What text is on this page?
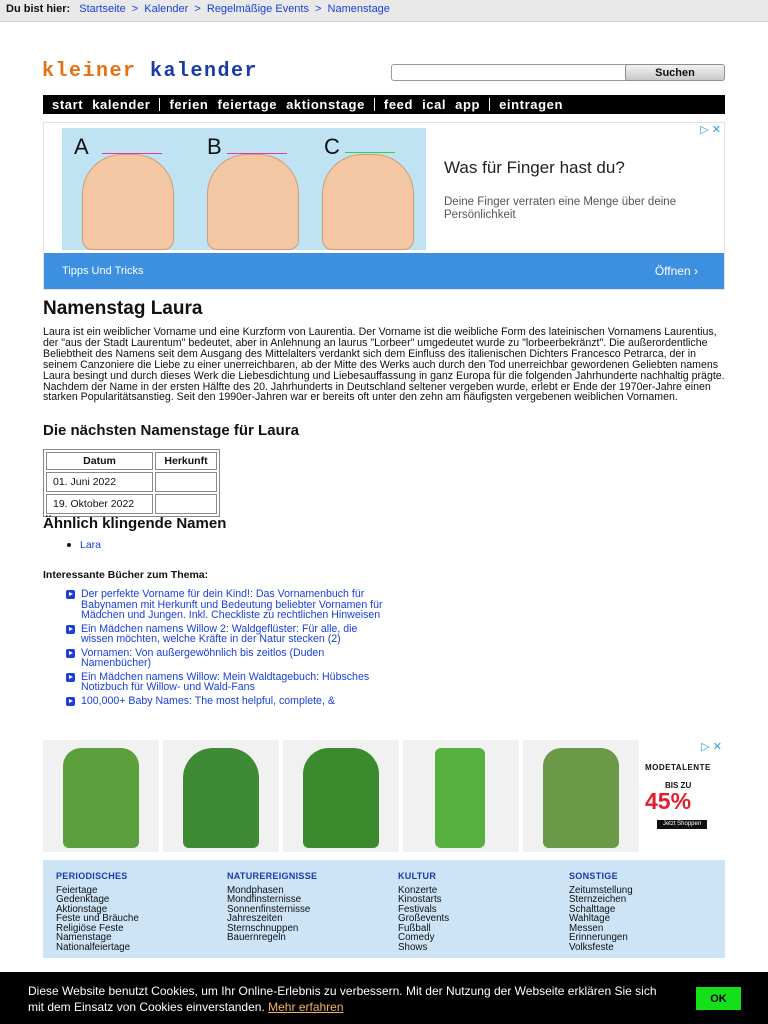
Du bist hier: Startseite > Kalender > Regelmäßige Events > Namenstage
kleiner kalender	Suchen
start kalender ferien feiertage aktionstage feed ical app eintragen
A	B	C
▷ ✕
Was für Finger hast du?
Deine Finger verraten eine Menge über deine Persönlichkeit
Tipps Und Tricks	Öffnen ›
Namenstag Laura

Laura ist ein weiblicher Vorname und eine Kurzform von Laurentia. Der Vorname ist die weibliche Form des lateinischen Vornamens Laurentius, der "aus der Stadt Laurentum" bedeutet, aber in Anlehnung an laurus "Lorbeer" umgedeutet wurde zu "lorbeerbekränzt". Die außerordentliche Beliebtheit des Namens seit dem Ausgang des Mittelalters verdankt sich dem Einfluss des italienischen Dichters Francesco Petrarca, der in seinem Canzoniere die Liebe zu einer unerreichbaren, ab der Mitte des Werks auch durch den Tod unerreichbar gewordenen Geliebten namens Laura besingt und durch dieses Werk die Liebesdichtung und Liebesauffassung in ganz Europa für die folgenden Jahrhunderte nachhaltig prägte. Nachdem der Name in der ersten Hälfte des 20. Jahrhunderts in Deutschland seltener vergeben wurde, erlebt er Ende der 1970er-Jahre einen starken Popularitätsanstieg. Seit den 1990er-Jahren war er bereits oft unter den zehn am häufigsten vergebenen weiblichen Vornamen.

Die nächsten Namenstage für Laura
Datum	Herkunft
01. Juni 2022	
19. Oktober 2022	
Ähnlich klingende Namen
Lara
Interessante Bücher zum Thema:
Der perfekte Vorname für dein Kind!: Das Vornamenbuch für Babynamen mit Herkunft und Bedeutung beliebter Vornamen für Mädchen und Jungen. Inkl. Checkliste zu rechtlichen Hinweisen
Ein Mädchen namens Willow 2: Waldgeflüster: Für alle, die wissen möchten, welche Kräfte in der Natur stecken (2)
Vornamen: Von außergewöhnlich bis zeitlos (Duden Namenbücher)
Ein Mädchen namens Willow: Mein Waldtagebuch: Hübsches Notizbuch für Willow- und Wald-Fans
100,000+ Baby Names: The most helpful, complete, &
▷ ✕
MODETALENTE
BIS ZU
45%
Jetzt Shoppen
PERIODISCHES
Feiertage
Gedenktage
Aktionstage
Feste und Bräuche
Religiöse Feste
Namenstage
Nationalfeiertage
NATUREREIGNISSE
Mondphasen
Mondfinsternisse
Sonnenfinsternisse
Jahreszeiten
Sternschnuppen
Bauernregeln
KULTUR
Konzerte
Kinostarts
Festivals
Großevents
Fußball
Comedy
Shows
SONSTIGE
Zeitumstellung
Sternzeichen
Schalttage
Wahltage
Messen
Erinnerungen
Volksfeste
Diese Website benutzt Cookies, um Ihr Online-Erlebnis zu verbessern. Mit der Nutzung der Webseite erklären Sie sich mit dem Einsatz von Cookies einverstanden. Mehr erfahren
OK
